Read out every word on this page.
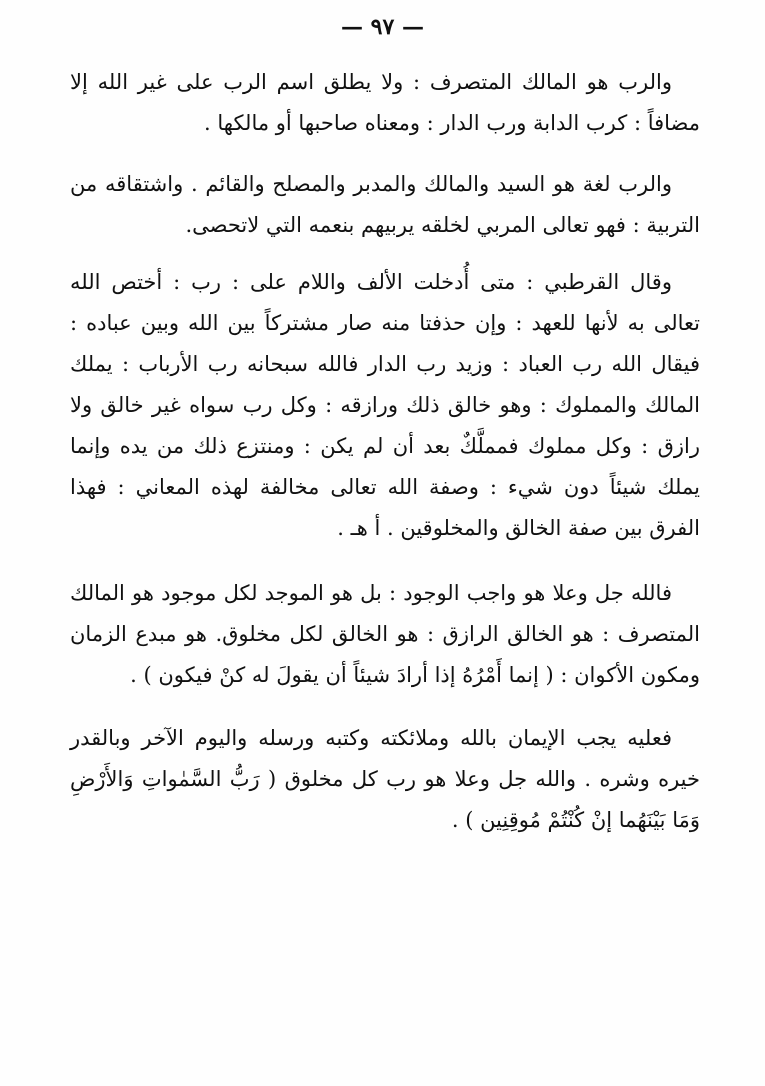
— ٩٧ —

والرب هو المالك المتصرف : ولا يطلق اسم الرب على غير الله إلا مضافاً : كرب الدابة ورب الدار : ومعناه صاحبها أو مالكها .

والرب لغة هو السيد والمالك والمدبر والمصلح والقائم . واشتقاقه من التربية : فهو تعالى المربي لخلقه يربيهم بنعمه التي لاتحصى.

وقال القرطبي : متى أُدخلت الألف واللام على : رب : أختص الله تعالى به لأنها للعهد : وإن حذفتا منه صار مشتركاً بين الله وبين عباده : فيقال الله رب العباد : وزيد رب الدار فالله سبحانه رب الأرباب : يملك المالك والمملوك : وهو خالق ذلك ورازقه : وكل رب سواه غير خالق ولا رازق : وكل مملوك فمملَّكٌ بعد أن لم يكن : ومنتزع ذلك من يده وإنما يملك شيئاً دون شيء : وصفة الله تعالى مخالفة لهذه المعاني : فهذا الفرق بين صفة الخالق والمخلوقين . أ هـ .

فالله جل وعلا هو واجب الوجود : بل هو الموجد لكل موجود هو المالك المتصرف : هو الخالق الرازق : هو الخالق لكل مخلوق. هو مبدع الزمان ومكون الأكوان : ( إنما أَمْرُهُ إذا أرادَ شيئاً أن يقولَ له كنْ فيكون ) .

فعليه يجب الإيمان بالله وملائكته وكتبه ورسله واليوم الآخر وبالقدر خيره وشره . والله جل وعلا هو رب كل مخلوق ( رَبُّ السَّمٰواتِ وَالأَرْضِ وَمَا بَيْنَهُما إنْ كُنْتُمْ مُوقِنِين ) .
